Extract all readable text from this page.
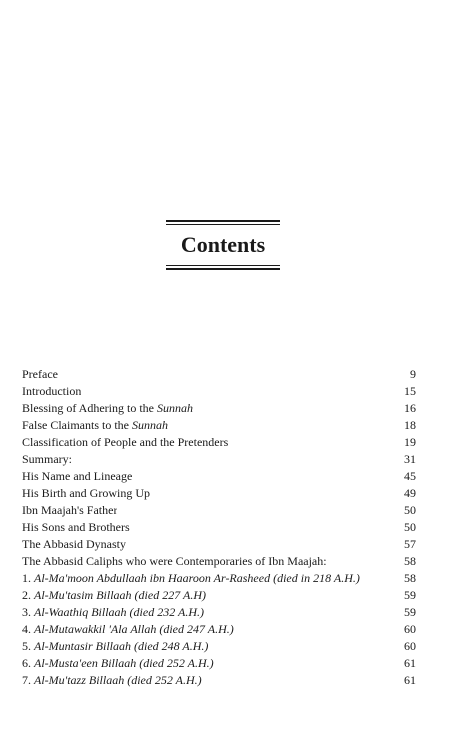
Contents
Preface	9
Introduction	15
Blessing of Adhering to the Sunnah	16
False Claimants to the Sunnah	18
Classification of People and the Pretenders	19
Summary:	31
His Name and Lineage	45
His Birth and Growing Up	49
Ibn Maajah's Father	50
His Sons and Brothers	50
The Abbasid Dynasty	57
The Abbasid Caliphs who were Contemporaries of Ibn Maajah:	58
1. Al-Ma'moon Abdullaah ibn Haaroon Ar-Rasheed (died in 218 A.H.)	58
2. Al-Mu'tasim Billaah (died 227 A.H)	59
3. Al-Waathiq Billaah (died 232 A.H.)	59
4. Al-Mutawakkil 'Ala Allah (died 247 A.H.)	60
5. Al-Muntasir Billaah (died 248 A.H.)	60
6. Al-Musta'een Billaah (died 252 A.H.)	61
7. Al-Mu'tazz Billaah (died 252 A.H.)	61
